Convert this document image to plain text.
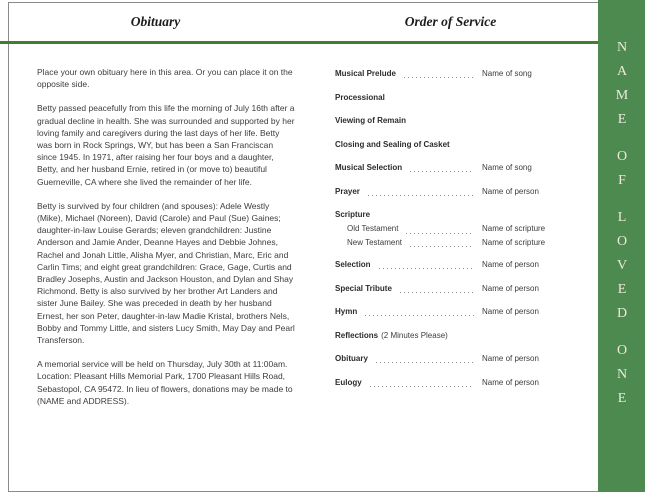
Obituary	Order of Service

Place your own obituary here in this area. Or you can place it on the opposite side.

Betty passed peacefully from this life the morning of July 16th after a gradual decline in health. She was surrounded and supported by her loving family and caregivers during the last days of her life. Betty was born in Rock Springs, WY, but has been a San Franciscan since 1945. In 1971, after raising her four boys and a daughter, Betty, and her husband Ernie, retired in (or move to) beautiful Guerneville, CA where she lived the remainder of her life.

Betty is survived by four children (and spouses): Adele Westly (Mike), Michael (Noreen), David (Carole) and Paul (Sue) Gaines; daughter-in-law Louise Gerards; eleven grandchildren: Justine Anderson and Jamie Ander, Deanne Hayes and Debbie Johnes, Rachel and Jonah Little, Alisha Myer, and Christian, Marc, Eric and Carlin Tims; and eight great grandchildren: Grace, Gage, Curtis and Bradley Josephs, Austin and Jackson Houston, and Dylan and Shay Richmond. Betty is also survived by her brother Art Landers and sister June Bailey. She was preceded in death by her husband Ernest, her son Peter, daughter-in-law Madie Kristal, brothers Nels, Bobby and Tommy Little, and sisters Lucy Smith, May Day and Pearl Transferson.

A memorial service will be held on Thursday, July 30th at 11:00am. Location: Pleasant Hills Memorial Park, 1700 Pleasant Hills Road, Sebastopol, CA 95472. In lieu of flowers, donations may be made to (NAME and ADDRESS).

Musical Prelude	Name of song
Processional
Viewing of Remain
Closing and Sealing of Casket
Musical Selection	Name of song
Prayer	Name of person
Scripture
Old Testament	Name of scripture
New Testament	Name of scripture
Selection	Name of person
Special Tribute	Name of person
Hymn	Name of person
Reflections (2 Minutes Please)
Obituary	Name of person
Eulogy	Name of person
NAME
OF
LOVED
ONE
